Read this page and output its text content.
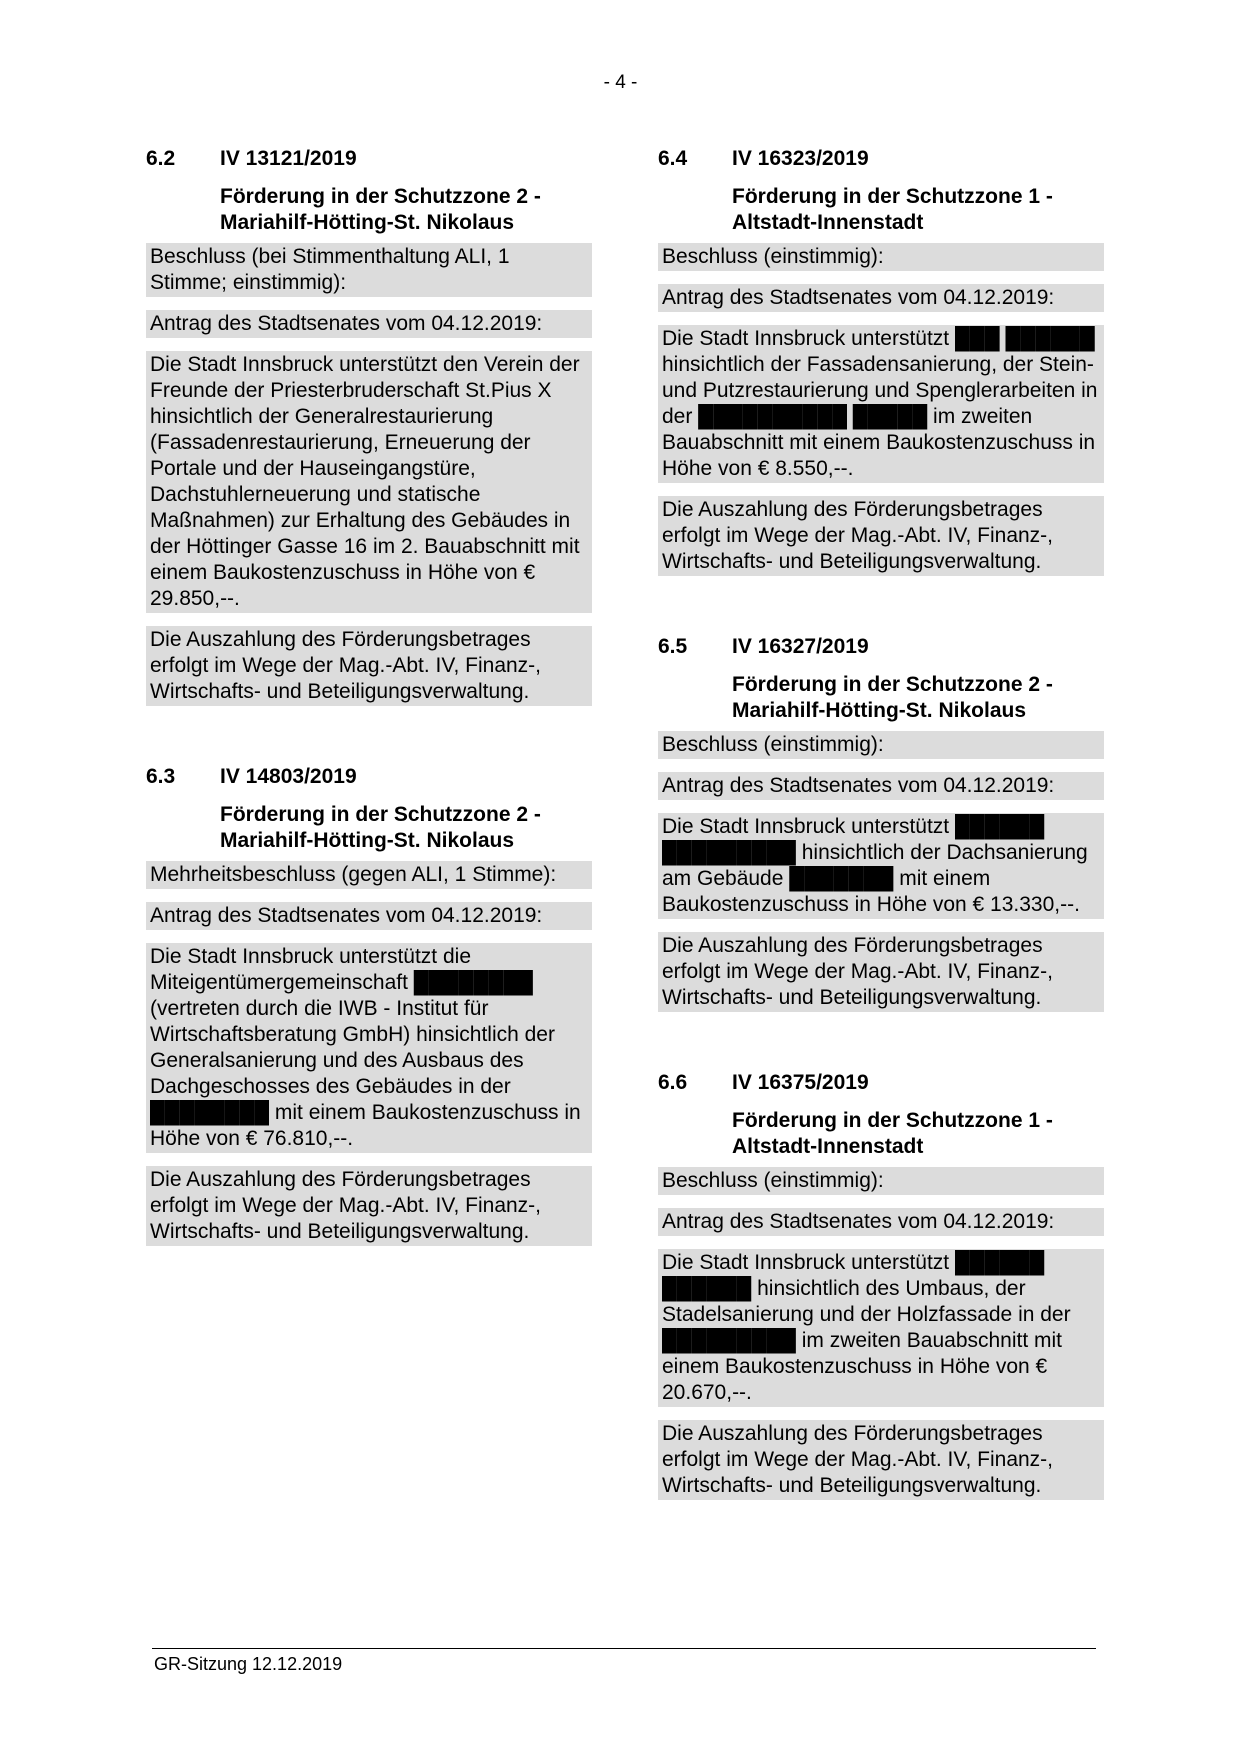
- 4 -
6.2	IV 13121/2019
Förderung in der Schutzzone 2 -
Mariahilf-Hötting-St. Nikolaus
Beschluss (bei Stimmenthaltung ALI, 1 Stimme; einstimmig):
Antrag des Stadtsenates vom 04.12.2019:
Die Stadt Innsbruck unterstützt den Verein der Freunde der Priesterbruderschaft St.Pius X hinsichtlich der Generalrestaurierung (Fassadenrestaurierung, Erneuerung der Portale und der Hauseingangstüre, Dachstuhlerneuerung und statische Maßnahmen) zur Erhaltung des Gebäudes in der Höttinger Gasse 16 im 2. Bauabschnitt mit einem Baukostenzuschuss in Höhe von € 29.850,--.
Die Auszahlung des Förderungsbetrages erfolgt im Wege der Mag.-Abt. IV, Finanz-, Wirtschafts- und Beteiligungsverwaltung.
6.3	IV 14803/2019
Förderung in der Schutzzone 2 -
Mariahilf-Hötting-St. Nikolaus
Mehrheitsbeschluss (gegen ALI, 1 Stimme):
Antrag des Stadtsenates vom 04.12.2019:
Die Stadt Innsbruck unterstützt die Miteigentümergemeinschaft ████████ (vertreten durch die IWB - Institut für Wirtschaftsberatung GmbH) hinsichtlich der Generalsanierung und des Ausbaus des Dachgeschosses des Gebäudes in der ████████ mit einem Baukostenzuschuss in Höhe von € 76.810,--.
Die Auszahlung des Förderungsbetrages erfolgt im Wege der Mag.-Abt. IV, Finanz-, Wirtschafts- und Beteiligungsverwaltung.
6.4	IV 16323/2019
Förderung in der Schutzzone 1 -
Altstadt-Innenstadt
Beschluss (einstimmig):
Antrag des Stadtsenates vom 04.12.2019:
Die Stadt Innsbruck unterstützt ███ ██████ hinsichtlich der Fassadensanierung, der Stein- und Putzrestaurierung und Spenglerarbeiten in der ██████████ █████ im zweiten Bauabschnitt mit einem Baukostenzuschuss in Höhe von € 8.550,--.
Die Auszahlung des Förderungsbetrages erfolgt im Wege der Mag.-Abt. IV, Finanz-, Wirtschafts- und Beteiligungsverwaltung.
6.5	IV 16327/2019
Förderung in der Schutzzone 2 -
Mariahilf-Hötting-St. Nikolaus
Beschluss (einstimmig):
Antrag des Stadtsenates vom 04.12.2019:
Die Stadt Innsbruck unterstützt ██████ █████████ hinsichtlich der Dachsanierung am Gebäude ███████ mit einem Baukostenzuschuss in Höhe von € 13.330,--.
Die Auszahlung des Förderungsbetrages erfolgt im Wege der Mag.-Abt. IV, Finanz-, Wirtschafts- und Beteiligungsverwaltung.
6.6	IV 16375/2019
Förderung in der Schutzzone 1 -
Altstadt-Innenstadt
Beschluss (einstimmig):
Antrag des Stadtsenates vom 04.12.2019:
Die Stadt Innsbruck unterstützt ██████ ██████ hinsichtlich des Umbaus, der Stadelsanierung und der Holzfassade in der █████████ im zweiten Bauabschnitt mit einem Baukostenzuschuss in Höhe von € 20.670,--.
Die Auszahlung des Förderungsbetrages erfolgt im Wege der Mag.-Abt. IV, Finanz-, Wirtschafts- und Beteiligungsverwaltung.
GR-Sitzung 12.12.2019
